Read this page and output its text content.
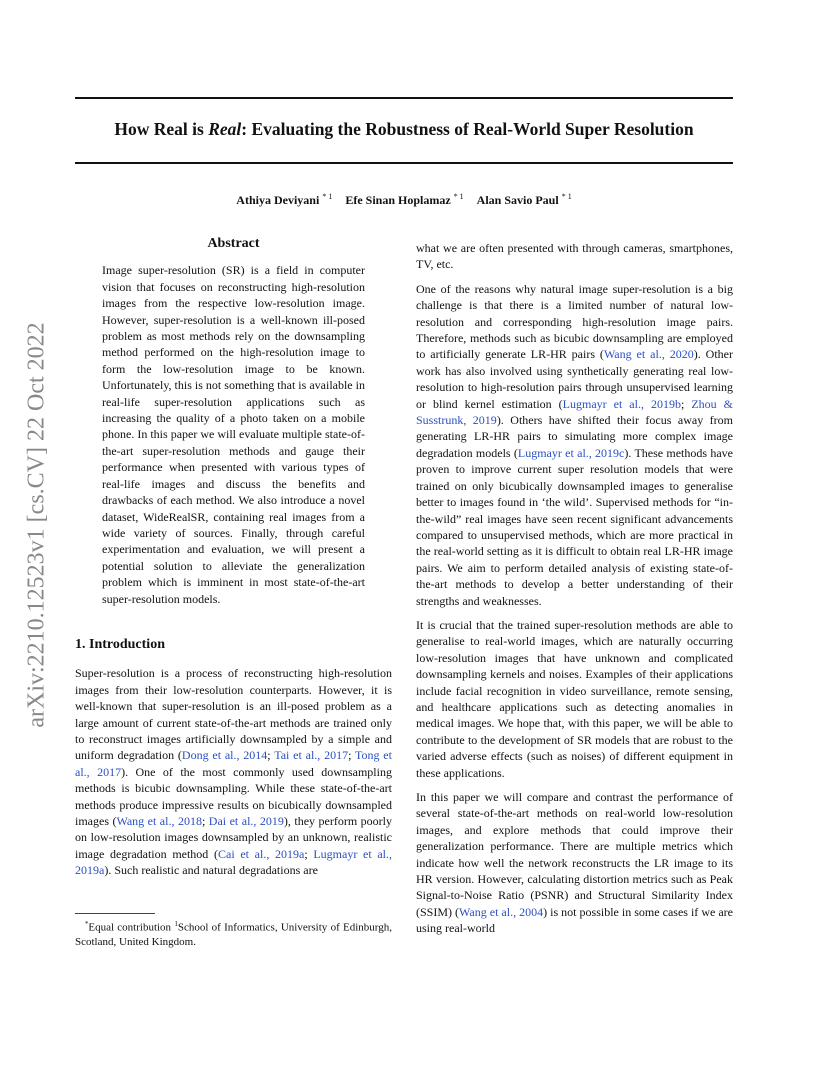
How Real is Real: Evaluating the Robustness of Real-World Super Resolution
Athiya Deviyani $^{* 1}$ Efe Sinan Hoplamaz $^{* 1}$ Alan Savio Paul $^{* 1}$
arXiv:2210.12523v1 [cs.CV] 22 Oct 2022
Abstract

Image super-resolution (SR) is a field in computer vision that focuses on reconstructing high-resolution images from the respective low-resolution image. However, super-resolution is a well-known ill-posed problem as most methods rely on the downsampling method performed on the high-resolution image to form the low-resolution image to be known. Unfortunately, this is not something that is available in real-life super-resolution applications such as increasing the quality of a photo taken on a mobile phone. In this paper we will evaluate multiple state-of-the-art super-resolution methods and gauge their performance when presented with various types of real-life images and discuss the benefits and drawbacks of each method. We also introduce a novel dataset, WideRealSR, containing real images from a wide variety of sources. Finally, through careful experimentation and evaluation, we will present a potential solution to alleviate the generalization problem which is imminent in most state-of-the-art super-resolution models.

1. Introduction

Super-resolution is a process of reconstructing high-resolution images from their low-resolution counterparts. However, it is well-known that super-resolution is an ill-posed problem as a large amount of current state-of-the-art methods are trained only to reconstruct images artificially downsampled by a simple and uniform degradation (Dong et al., 2014; Tai et al., 2017; Tong et al., 2017). One of the most commonly used downsampling methods is bicubic downsampling. While these state-of-the-art methods produce impressive results on bicubically downsampled images (Wang et al., 2018; Dai et al., 2019), they perform poorly on low-resolution images downsampled by an unknown, realistic image degradation method (Cai et al., 2019a; Lugmayr et al., 2019a). Such realistic and natural degradations are

*Equal contribution $^1$School of Informatics, University of Edinburgh, Scotland, United Kingdom.

what we are often presented with through cameras, smartphones, TV, etc.

One of the reasons why natural image super-resolution is a big challenge is that there is a limited number of natural low-resolution and corresponding high-resolution image pairs. Therefore, methods such as bicubic downsampling are employed to artificially generate LR-HR pairs (Wang et al., 2020). Other work has also involved using synthetically generating real low-resolution to high-resolution pairs through unsupervised learning or blind kernel estimation (Lugmayr et al., 2019b; Zhou & Susstrunk, 2019). Others have shifted their focus away from generating LR-HR pairs to simulating more complex image degradation models (Lugmayr et al., 2019c). These methods have proven to improve current super resolution models that were trained on only bicubically downsampled images to generalise better to images found in ‘the wild’. Supervised methods for “in-the-wild” real images have seen recent significant advancements compared to unsupervised methods, which are more practical in the real-world setting as it is difficult to obtain real LR-HR image pairs. We aim to perform detailed analysis of existing state-of-the-art methods to develop a better understanding of their strengths and weaknesses.

It is crucial that the trained super-resolution methods are able to generalise to real-world images, which are naturally occurring low-resolution images that have unknown and complicated downsampling kernels and noises. Examples of their applications include facial recognition in video surveillance, remote sensing, and healthcare applications such as detecting anomalies in medical images. We hope that, with this paper, we will be able to contribute to the development of SR models that are robust to the varied adverse effects (such as noises) of different equipment in these applications.

In this paper we will compare and contrast the performance of several state-of-the-art methods on real-world low-resolution images, and explore methods that could improve their generalization performance. There are multiple metrics which indicate how well the network reconstructs the LR image to its HR version. However, calculating distortion metrics such as Peak Signal-to-Noise Ratio (PSNR) and Structural Similarity Index (SSIM) (Wang et al., 2004) is not possible in some cases if we are using real-world
